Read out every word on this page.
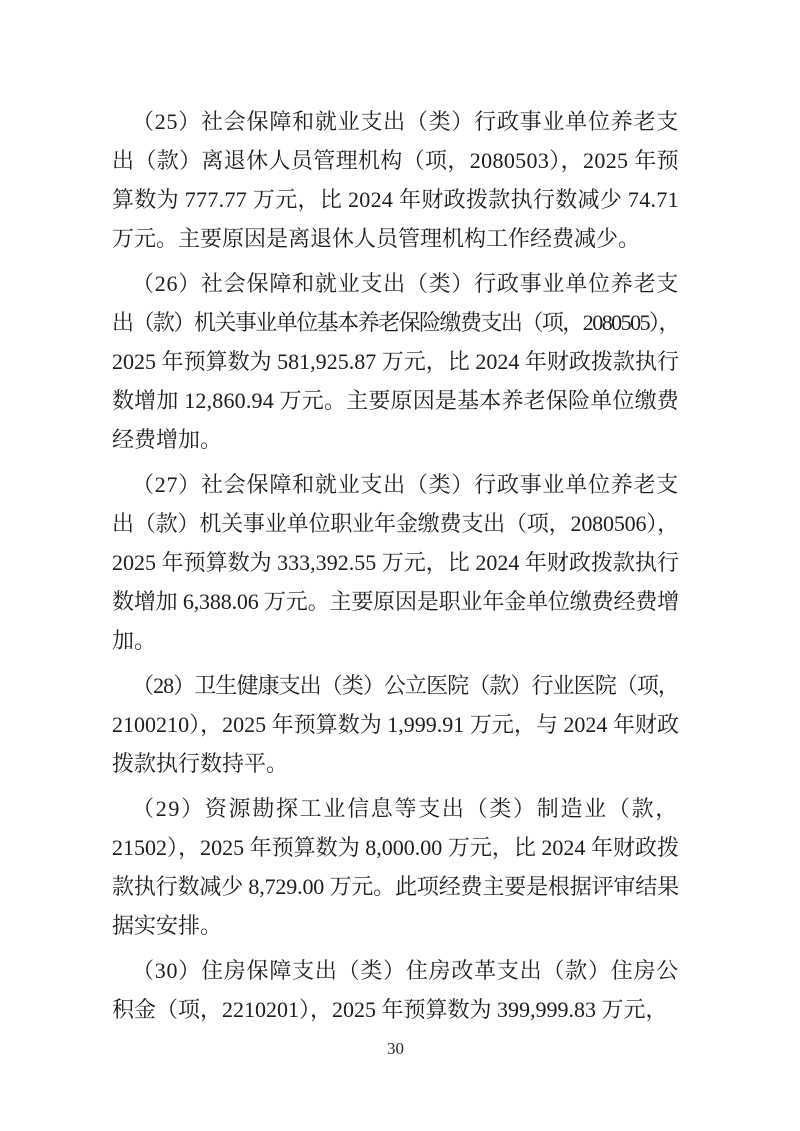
（25）社会保障和就业支出（类）行政事业单位养老支
出（款）离退休人员管理机构（项，2080503），2025 年预
算数为 777.77 万元，比 2024 年财政拨款执行数减少 74.71
万元。主要原因是离退休人员管理机构工作经费减少。
（26）社会保障和就业支出（类）行政事业单位养老支
出（款）机关事业单位基本养老保险缴费支出（项，2080505），
2025 年预算数为 581,925.87 万元，比 2024 年财政拨款执行
数增加 12,860.94 万元。主要原因是基本养老保险单位缴费
经费增加。
（27）社会保障和就业支出（类）行政事业单位养老支
出（款）机关事业单位职业年金缴费支出（项，2080506），
2025 年预算数为 333,392.55 万元，比 2024 年财政拨款执行
数增加 6,388.06 万元。主要原因是职业年金单位缴费经费增
加。
（28）卫生健康支出（类）公立医院（款）行业医院（项，
2100210），2025 年预算数为 1,999.91 万元，与 2024 年财政
拨款执行数持平。
（29）资源勘探工业信息等支出（类）制造业（款，
21502），2025 年预算数为 8,000.00 万元，比 2024 年财政拨
款执行数减少 8,729.00 万元。此项经费主要是根据评审结果
据实安排。
（30）住房保障支出（类）住房改革支出（款）住房公
积金（项，2210201），2025 年预算数为 399,999.83 万元，
30
